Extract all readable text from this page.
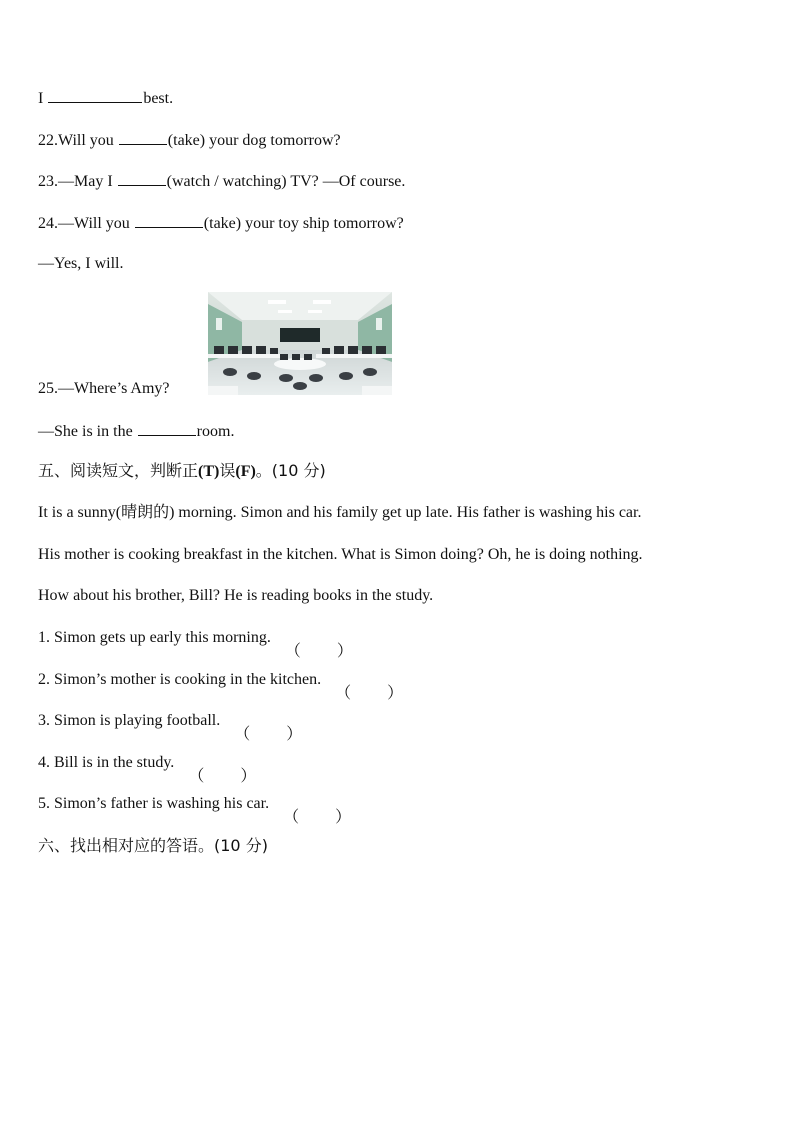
I	best.
22.Will you	(take) your dog tomorrow?
23.—May I	(watch / watching) TV? —Of course.
24.—Will you	(take) your toy ship tomorrow?
—Yes, I will.
25.—Where’s Amy?
—She is in the	room.
五、阅读短文，判断正(T)误(F)。(10 分)
It is a sunny(晴朗的) morning. Simon and his family get up late. His father is washing his car.
His mother is cooking breakfast in the kitchen. What is Simon doing? Oh, he is doing nothing.
How about his brother, Bill? He is reading books in the study.
1. Simon gets up early this morning.
（ ）
2. Simon’s mother is cooking in the kitchen.
（ ）
3. Simon is playing football.
（ ）
4. Bill is in the study.
（ ）
5. Simon’s father is washing his car.
（ ）
六、找出相对应的答语。(10 分)
